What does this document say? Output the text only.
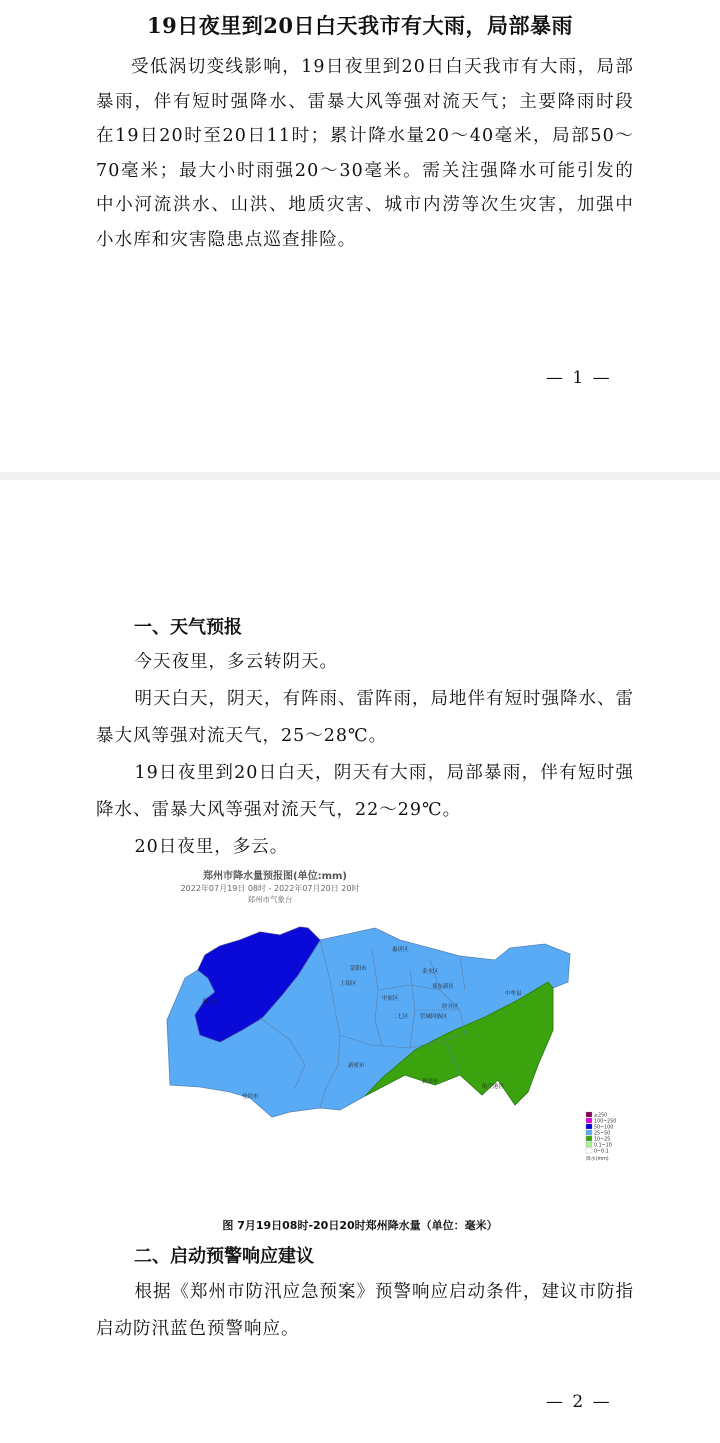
19日夜里到20日白天我市有大雨，局部暴雨

受低涡切变线影响，19日夜里到20日白天我市有大雨，局部暴雨，伴有短时强降水、雷暴大风等强对流天气；主要降雨时段在19日20时至20日11时；累计降水量20～40毫米，局部50～70毫米；最大小时雨强20～30毫米。需关注强降水可能引发的中小河流洪水、山洪、地质灾害、城市内涝等次生灾害，加强中小水库和灾害隐患点巡查排险。

— 1 —
一、天气预报

今天夜里，多云转阴天。

明天白天，阴天，有阵雨、雷阵雨，局地伴有短时强降水、雷暴大风等强对流天气，25～28℃。

19日夜里到20日白天，阴天有大雨，局部暴雨，伴有短时强降水、雷暴大风等强对流天气，22～29℃。

20日夜里，多云。

郑州市降水量预报图(单位:mm)
2022年07月19日 08时 - 2022年07月20日 20时
郑州市气象台
惠济区
荥阳市
上街区
金水区
中原区
郑东新区
二七区 管城回族区
经开区
中牟县
巩义市
新密市
登封市
新郑市
航空港区
≥250
100~250
50~100
25~50
10~25
0.1~10
0~0.1
降水(mm)
图 7月19日08时-20日20时郑州降水量（单位：毫米）
二、启动预警响应建议

根据《郑州市防汛应急预案》预警响应启动条件，建议市防指启动防汛蓝色预警响应。

— 2 —
